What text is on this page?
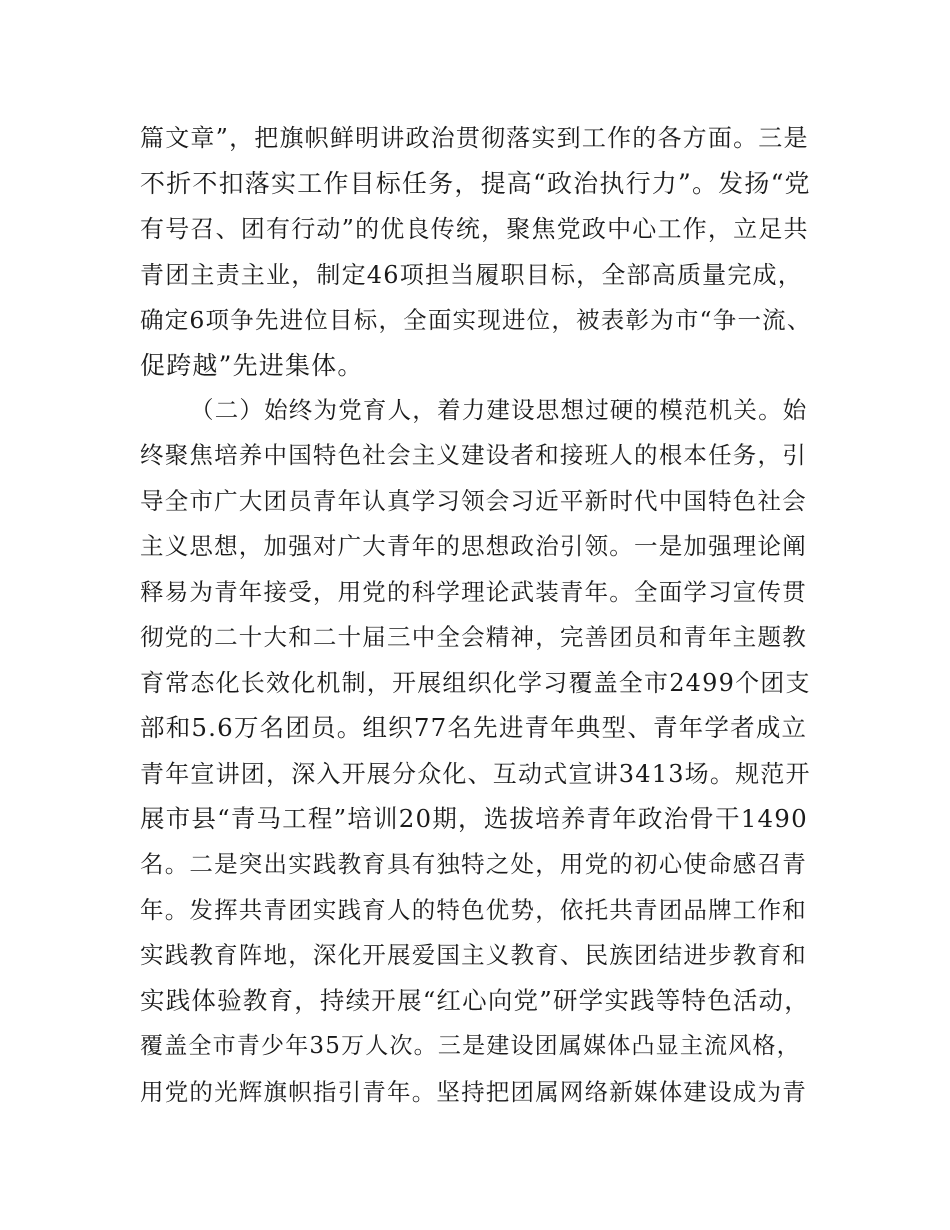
篇文章”，把旗帜鲜明讲政治贯彻落实到工作的各方面。三是
不折不扣落实工作目标任务，提高“政治执行力”。发扬“党
有号召、团有行动”的优良传统，聚焦党政中心工作，立足共
青团主责主业，制定46项担当履职目标，全部高质量完成，
确定6项争先进位目标，全面实现进位，被表彰为市“争一流、
促跨越”先进集体。
（二）始终为党育人，着力建设思想过硬的模范机关。始
终聚焦培养中国特色社会主义建设者和接班人的根本任务，引
导全市广大团员青年认真学习领会习近平新时代中国特色社会
主义思想，加强对广大青年的思想政治引领。一是加强理论阐
释易为青年接受，用党的科学理论武装青年。全面学习宣传贯
彻党的二十大和二十届三中全会精神，完善团员和青年主题教
育常态化长效化机制，开展组织化学习覆盖全市2499个团支
部和5.6万名团员。组织77名先进青年典型、青年学者成立
青年宣讲团，深入开展分众化、互动式宣讲3413场。规范开
展市县“青马工程”培训20期，选拔培养青年政治骨干1490
名。二是突出实践教育具有独特之处，用党的初心使命感召青
年。发挥共青团实践育人的特色优势，依托共青团品牌工作和
实践教育阵地，深化开展爱国主义教育、民族团结进步教育和
实践体验教育，持续开展“红心向党”研学实践等特色活动，
覆盖全市青少年35万人次。三是建设团属媒体凸显主流风格，
用党的光辉旗帜指引青年。坚持把团属网络新媒体建设成为青
